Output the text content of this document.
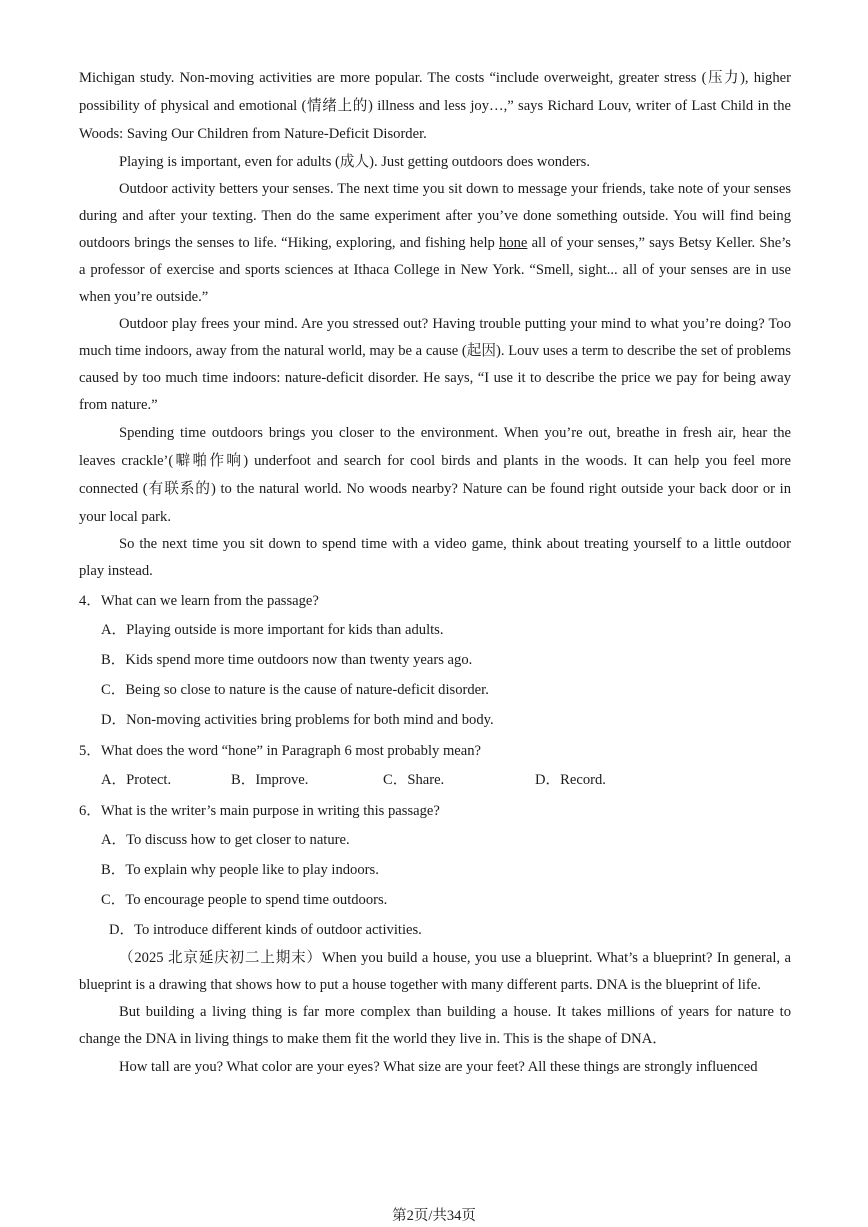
Michigan study. Non-moving activities are more popular. The costs “include overweight, greater stress (压力), higher possibility of physical and emotional (情绪上的) illness and less joy…,” says Richard Louv, writer of Last Child in the Woods: Saving Our Children from Nature-Deficit Disorder.

Playing is important, even for adults (成人). Just getting outdoors does wonders.

Outdoor activity betters your senses. The next time you sit down to message your friends, take note of your senses during and after your texting. Then do the same experiment after you’ve done something outside. You will find being outdoors brings the senses to life. “Hiking, exploring, and fishing help hone all of your senses,” says Betsy Keller. She’s a professor of exercise and sports sciences at Ithaca College in New York. “Smell, sight... all of your senses are in use when you’re outside.”

Outdoor play frees your mind. Are you stressed out? Having trouble putting your mind to what you’re doing? Too much time indoors, away from the natural world, may be a cause (起因). Louv uses a term to describe the set of problems caused by too much time indoors: nature-deficit disorder. He says, “I use it to describe the price we pay for being away from nature.”

Spending time outdoors brings you closer to the environment. When you’re out, breathe in fresh air, hear the leaves crackle’(噼啪作响) underfoot and search for cool birds and plants in the woods. It can help you feel more connected (有联系的) to the natural world. No woods nearby? Nature can be found right outside your back door or in your local park.

So the next time you sit down to spend time with a video game, think about treating yourself to a little outdoor play instead.

4．What can we learn from the passage?

A．Playing outside is more important for kids than adults.

B．Kids spend more time outdoors now than twenty years ago.

C．Being so close to nature is the cause of nature-deficit disorder.

D．Non-moving activities bring problems for both mind and body.

5．What does the word “hone” in Paragraph 6 most probably mean?

A．Protect.	B．Improve.	C．Share.	D．Record.

6．What is the writer’s main purpose in writing this passage?

A．To discuss how to get closer to nature.

B．To explain why people like to play indoors.

C．To encourage people to spend time outdoors.

D．To introduce different kinds of outdoor activities.

（2025 北京延庆初二上期末）When you build a house, you use a blueprint. What’s a blueprint? In general, a blueprint is a drawing that shows how to put a house together with many different parts. DNA is the blueprint of life.

But building a living thing is far more complex than building a house. It takes millions of years for nature to change the DNA in living things to make them fit the world they live in. This is the shape of DNA．

How tall are you? What color are your eyes? What size are your feet? All these things are strongly influenced

第2页/共34页
